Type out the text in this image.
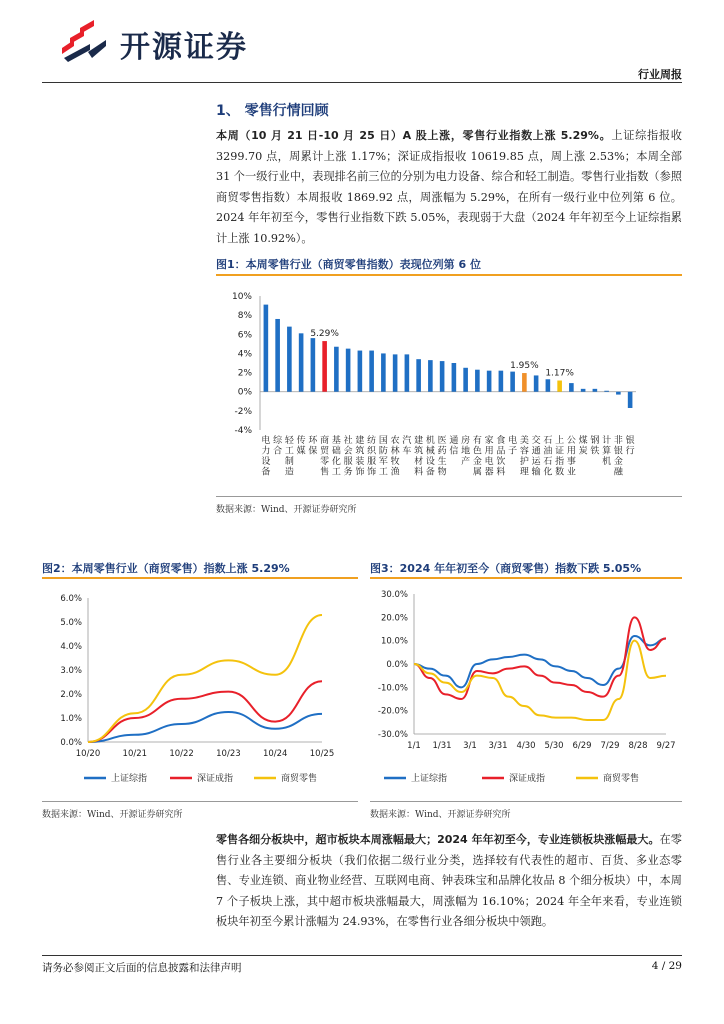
开源证券
行业周报
1、 零售行情回顾
本周（10 月 21 日-10 月 25 日）A 股上涨，零售行业指数上涨 5.29%。上证综指报收 3299.70 点，周累计上涨 1.17%；深证成指报收 10619.85 点，周上涨 2.53%；本周全部 31 个一级行业中，表现排名前三位的分别为电力设备、综合和轻工制造。零售行业指数（参照商贸零售指数）本周报收 1869.92 点，周涨幅为 5.29%，在所有一级行业中位列第 6 位。2024 年年初至今，零售行业指数下跌 5.05%，表现弱于大盘（2024 年年初至今上证综指累计上涨 10.92%）。
图1：本周零售行业（商贸零售指数）表现位列第 6 位
10%
8%
6%
4%
2%
0%
-2%
-4%
电
力
设
备
综
合
轻
工
制
造
传
媒
环
保
5.29%
商
贸
零
售
基
础
化
工
社
会
服
务
建
筑
装
饰
纺
织
服
饰
国
防
军
工
农
林
牧
渔
汽
车
建
筑
材
料
机
械
设
备
医
药
生
物
通
信
房
地
产
有
色
金
属
家
用
电
器
食
品
饮
料
电
子
1.95%
美
容
护
理
交
通
运
输
石
油
石
化
1.17%
上
证
指
数
公
用
事
业
煤
炭
钢
铁
计
算
机
非
银
金
融
银
行
数据来源：Wind、开源证券研究所
图2：本周零售行业（商贸零售）指数上涨 5.29%
6.0%
5.0%
4.0%
3.0%
2.0%
1.0%
0.0%
10/20	10/21	10/22	10/23	10/24	10/25
上证综指	深证成指	商贸零售
图3：2024 年年初至今（商贸零售）指数下跌 5.05%
30.0%
20.0%
10.0%
0.0%
-10.0%
-20.0%
-30.0%
1/1 1/31 3/1 3/31 4/30 5/30 6/29 7/29 8/28 9/27
上证综指	深证成指	商贸零售
数据来源：Wind、开源证券研究所	数据来源：Wind、开源证券研究所
零售各细分板块中，超市板块本周涨幅最大；2024 年年初至今，专业连锁板块涨幅最大。在零售行业各主要细分板块（我们依据二级行业分类，选择较有代表性的超市、百货、多业态零售、专业连锁、商业物业经营、互联网电商、钟表珠宝和品牌化妆品 8 个细分板块）中，本周 7 个子板块上涨，其中超市板块涨幅最大，周涨幅为 16.10%；2024 年全年来看，专业连锁板块年初至今累计涨幅为 24.93%，在零售行业各细分板块中领跑。
请务必参阅正文后面的信息披露和法律声明	4 / 29
